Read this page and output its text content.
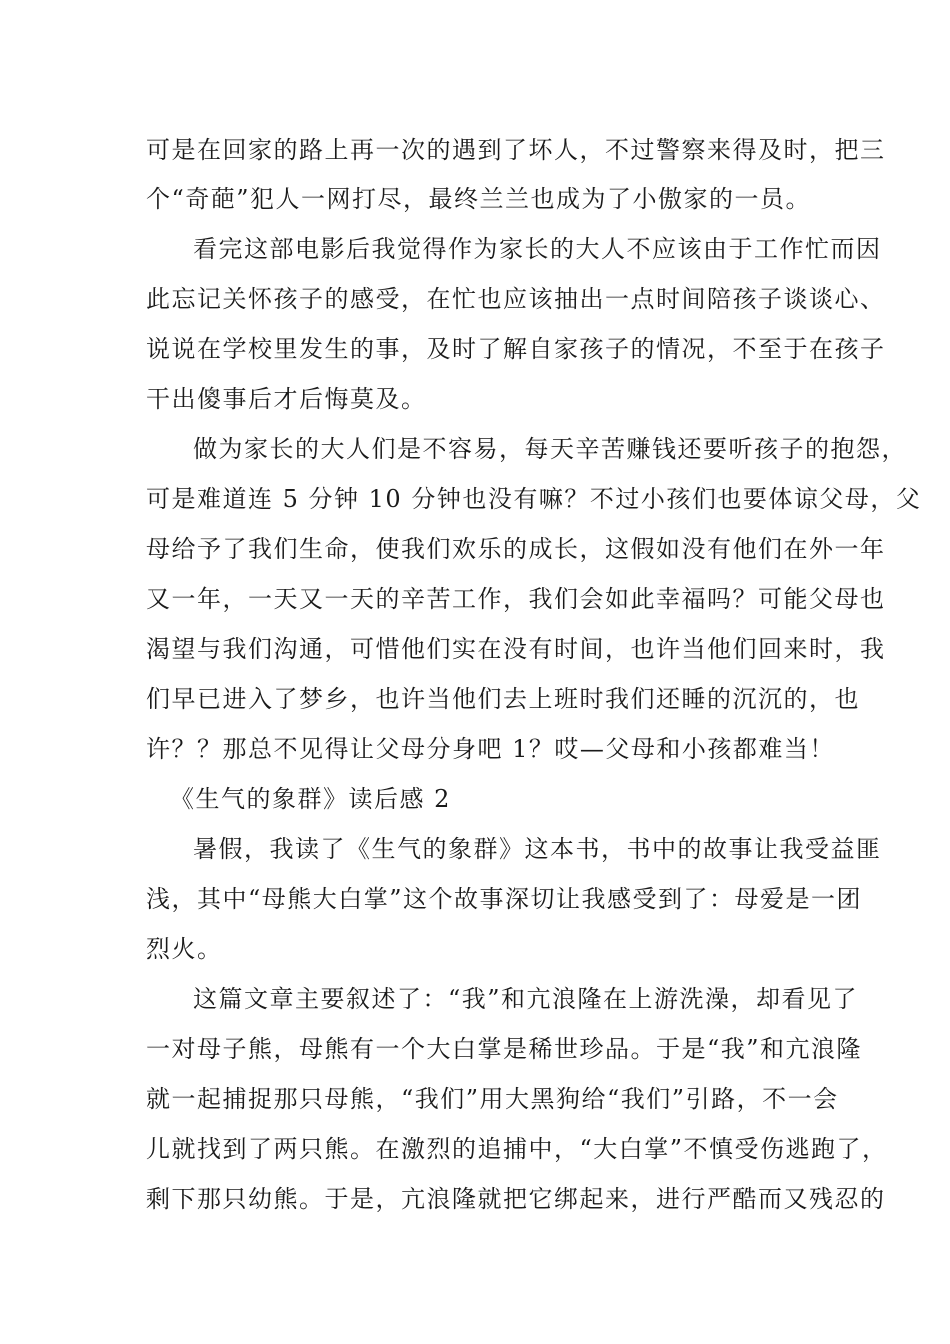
可是在回家的路上再一次的遇到了坏人，不过警察来得及时，把三
个“奇葩”犯人一网打尽，最终兰兰也成为了小傲家的一员。
看完这部电影后我觉得作为家长的大人不应该由于工作忙而因
此忘记关怀孩子的感受，在忙也应该抽出一点时间陪孩子谈谈心、
说说在学校里发生的事，及时了解自家孩子的情况，不至于在孩子
干出傻事后才后悔莫及。
做为家长的大人们是不容易，每天辛苦赚钱还要听孩子的抱怨，
可是难道连 5 分钟 10 分钟也没有嘛？不过小孩们也要体谅父母，父
母给予了我们生命，使我们欢乐的成长，这假如没有他们在外一年
又一年，一天又一天的辛苦工作，我们会如此幸福吗？可能父母也
渴望与我们沟通，可惜他们实在没有时间，也许当他们回来时，我
们早已进入了梦乡，也许当他们去上班时我们还睡的沉沉的，也
许？？那总不见得让父母分身吧 1？哎—父母和小孩都难当！
《生气的象群》读后感 2
暑假，我读了《生气的象群》这本书，书中的故事让我受益匪
浅，其中“母熊大白掌”这个故事深切让我感受到了：母爱是一团
烈火。
这篇文章主要叙述了：“我”和亢浪隆在上游洗澡，却看见了
一对母子熊，母熊有一个大白掌是稀世珍品。于是“我”和亢浪隆
就一起捕捉那只母熊，“我们”用大黑狗给“我们”引路，不一会
儿就找到了两只熊。在激烈的追捕中，“大白掌”不慎受伤逃跑了，
剩下那只幼熊。于是，亢浪隆就把它绑起来，进行严酷而又残忍的
